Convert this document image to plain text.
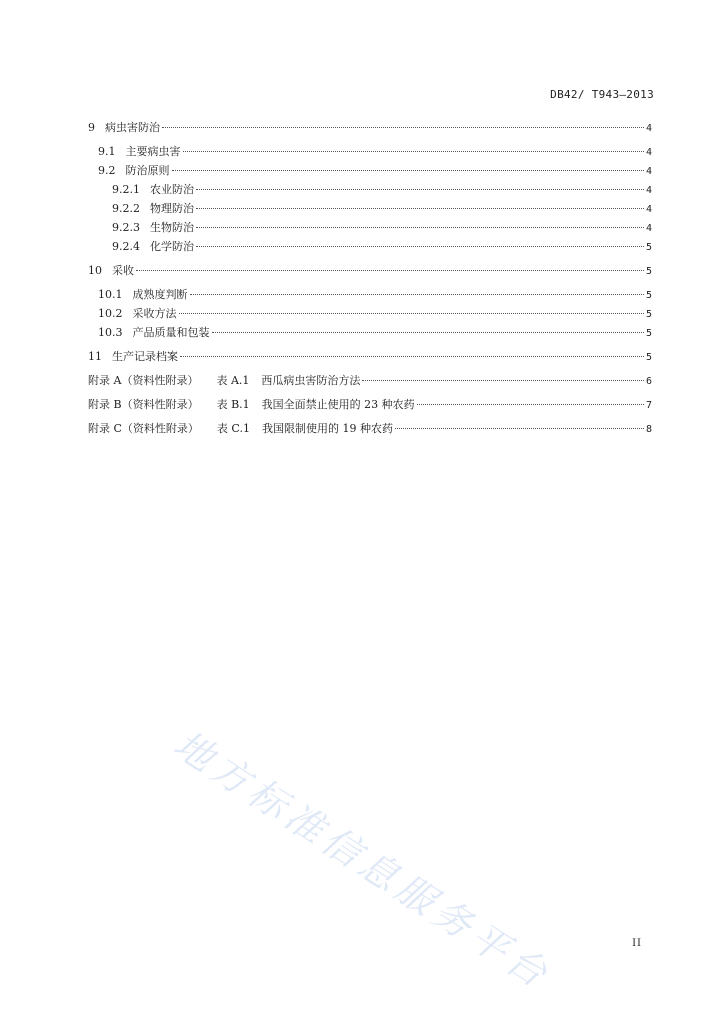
DB42/ T943—2013
9 病虫害防治	4
9.1 主要病虫害	4
9.2 防治原则	4
9.2.1 农业防治	4
9.2.2 物理防治	4
9.2.3 生物防治	4
9.2.4 化学防治	5
10 采收	5
10.1 成熟度判断	5
10.2 采收方法	5
10.3 产品质量和包装	5
11 生产记录档案	5
附录 A（资料性附录） 表 A.1 西瓜病虫害防治方法	6
附录 B（资料性附录） 表 B.1 我国全面禁止使用的 23 种农药	7
附录 C（资料性附录） 表 C.1 我国限制使用的 19 种农药	8
地方标准信息服务平台	II
